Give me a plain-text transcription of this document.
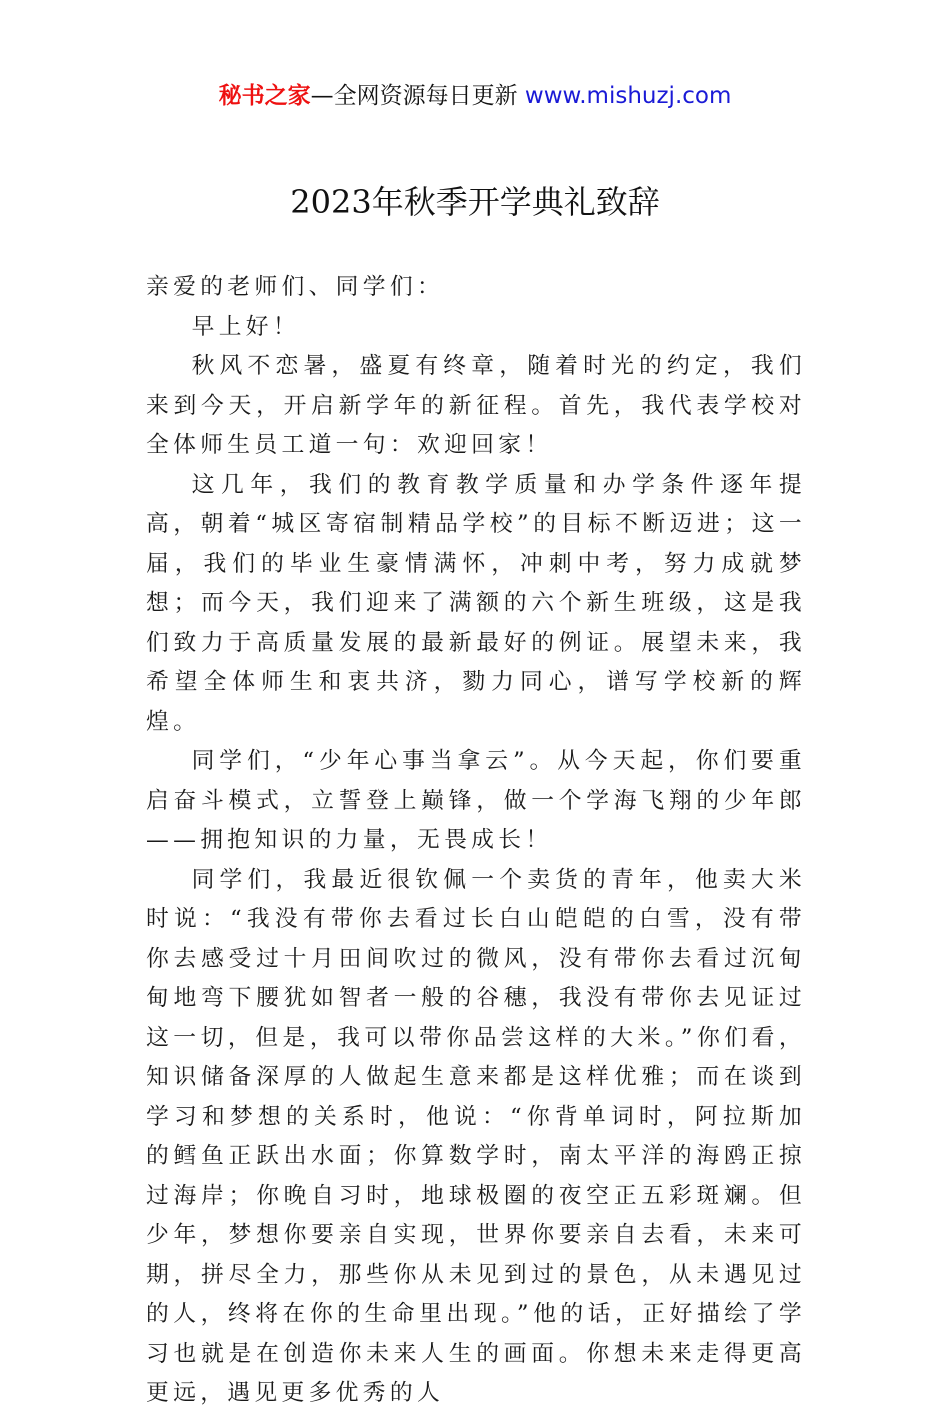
秘书之家—全网资源每日更新 www.mishuzj.com
2023年秋季开学典礼致辞

亲爱的老师们、同学们：

早上好！

秋风不恋暑，盛夏有终章，随着时光的约定，我们来到今天，开启新学年的新征程。首先，我代表学校对全体师生员工道一句：欢迎回家！

这几年，我们的教育教学质量和办学条件逐年提高，朝着“城区寄宿制精品学校”的目标不断迈进；这一届，我们的毕业生豪情满怀，冲刺中考，努力成就梦想；而今天，我们迎来了满额的六个新生班级，这是我们致力于高质量发展的最新最好的例证。展望未来，我希望全体师生和衷共济，勠力同心，谱写学校新的辉煌。

同学们，“少年心事当拿云”。从今天起，你们要重启奋斗模式，立誓登上巅锋，做一个学海飞翔的少年郎——拥抱知识的力量，无畏成长！

同学们，我最近很钦佩一个卖货的青年，他卖大米时说：“我没有带你去看过长白山皑皑的白雪，没有带你去感受过十月田间吹过的微风，没有带你去看过沉甸甸地弯下腰犹如智者一般的谷穗，我没有带你去见证过这一切，但是，我可以带你品尝这样的大米。”你们看，知识储备深厚的人做起生意来都是这样优雅；而在谈到学习和梦想的关系时，他说：“你背单词时，阿拉斯加的鳕鱼正跃出水面；你算数学时，南太平洋的海鸥正掠过海岸；你晚自习时，地球极圈的夜空正五彩斑斓。但少年，梦想你要亲自实现，世界你要亲自去看，未来可期，拼尽全力，那些你从未见到过的景色，从未遇见过的人，终将在你的生命里出现。”他的话，正好描绘了学习也就是在创造你未来人生的画面。你想未来走得更高更远，遇见更多优秀的人
